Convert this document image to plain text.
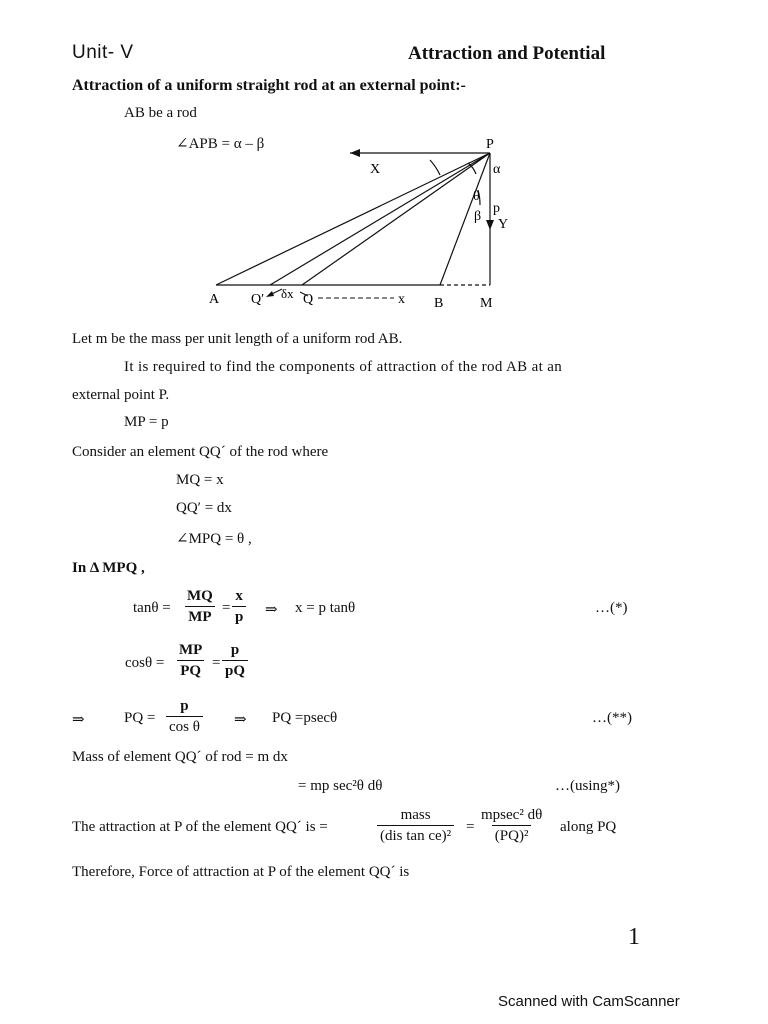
Unit- V	Attraction and Potential
Attraction of a uniform straight rod at an external point:-
AB be a rod
∠APB = α – β	P
X	α
θ
p
β
Y
A Q′ δx Q	x B	M
Let m be the mass per unit length of a uniform rod AB.
It is required to find the components of attraction of the rod AB at an
external point P.
MP = p
Consider an element QQ´ of the rod where
MQ = x
QQ′ = dx
∠MPQ = θ ,
In Δ MPQ ,
$\tan\theta = \frac{MQ}{MP} = \frac{x}{p}$ ⇒ x = p tanθ	…(*)
$\cos\theta = \frac{MP}{PQ} = \frac{p}{pQ}$
⇒	PQ = $\frac{p}{\text{cos θ}}$ ⇒ PQ =psecθ	…(**)
Mass of element QQ´ of rod = m dx
= mp sec²θ dθ	…(using*)
The attraction at P of the element QQ´ is =
mass
(dis tan ce)²
=
mpsec² dθ
(PQ)²
along PQ
Therefore, Force of attraction at P of the element QQ´ is
1
Scanned with CamScanner
